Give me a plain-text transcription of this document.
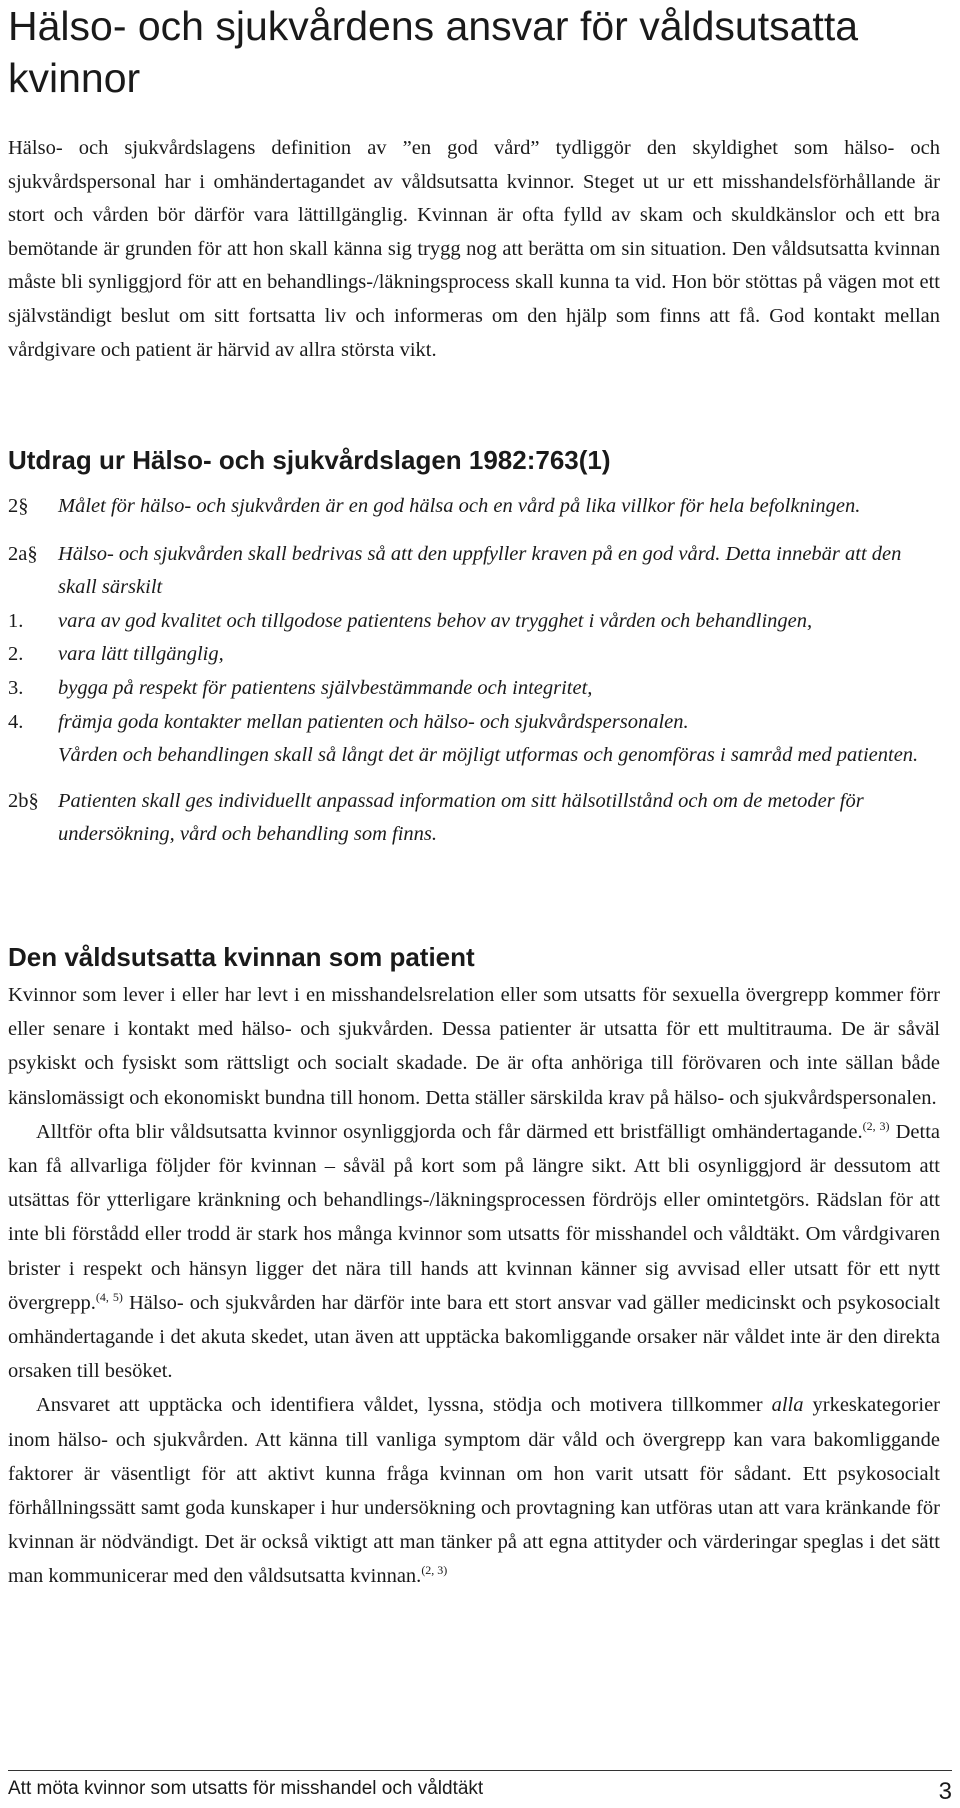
Hälso- och sjukvårdens ansvar för våldsutsatta kvinnor

Hälso- och sjukvårdslagens definition av ”en god vård” tydliggör den skyldighet som hälso- och sjukvårdspersonal har i omhändertagandet av våldsutsatta kvinnor. Steget ut ur ett misshandelsförhållande är stort och vården bör därför vara lättillgänglig. Kvinnan är ofta fylld av skam och skuldkänslor och ett bra bemötande är grunden för att hon skall känna sig trygg nog att berätta om sin situation. Den våldsutsatta kvinnan måste bli synliggjord för att en behandlings-/läkningsprocess skall kunna ta vid. Hon bör stöttas på vägen mot ett självständigt beslut om sitt fortsatta liv och informeras om den hjälp som finns att få. God kontakt mellan vårdgivare och patient är härvid av allra största vikt.

Utdrag ur Hälso- och sjukvårdslagen 1982:763(1)
2§	Målet för hälso- och sjukvården är en god hälsa och en vård på lika villkor för hela befolkningen.
2a§ Hälso- och sjukvården skall bedrivas så att den uppfyller kraven på en god vård. Detta innebär att den skall särskilt
1.	vara av god kvalitet och tillgodose patientens behov av trygghet i vården och behandlingen,
2.	vara lätt tillgänglig,
3.	bygga på respekt för patientens självbestämmande och integritet,
4.	främja goda kontakter mellan patienten och hälso- och sjukvårdspersonalen.
Vården och behandlingen skall så långt det är möjligt utformas och genomföras i samråd med patienten.
2b§ Patienten skall ges individuellt anpassad information om sitt hälsotillstånd och om de metoder för undersökning, vård och behandling som finns.
Den våldsutsatta kvinnan som patient

Kvinnor som lever i eller har levt i en misshandelsrelation eller som utsatts för sexuella övergrepp kommer förr eller senare i kontakt med hälso- och sjukvården. Dessa patienter är utsatta för ett multitrauma. De är såväl psykiskt och fysiskt som rättsligt och socialt skadade. De är ofta anhöriga till förövaren och inte sällan både känslomässigt och ekonomiskt bundna till honom. Detta ställer särskilda krav på hälso- och sjukvårdspersonalen.

Alltför ofta blir våldsutsatta kvinnor osynliggjorda och får därmed ett bristfälligt omhändertagande.$^{(2, 3)}$ Detta kan få allvarliga följder för kvinnan – såväl på kort som på längre sikt. Att bli osynliggjord är dessutom att utsättas för ytterligare kränkning och behandlings-/läkningsprocessen fördröjs eller omintetgörs. Rädslan för att inte bli förstådd eller trodd är stark hos många kvinnor som utsatts för misshandel och våldtäkt. Om vårdgivaren brister i respekt och hänsyn ligger det nära till hands att kvinnan känner sig avvisad eller utsatt för ett nytt övergrepp.$^{(4, 5)}$ Hälso- och sjukvården har därför inte bara ett stort ansvar vad gäller medicinskt och psykosocialt omhändertagande i det akuta skedet, utan även att upptäcka bakomliggande orsaker när våldet inte är den direkta orsaken till besöket.

Ansvaret att upptäcka och identifiera våldet, lyssna, stödja och motivera tillkommer alla yrkeskategorier inom hälso- och sjukvården. Att känna till vanliga symptom där våld och övergrepp kan vara bakomliggande faktorer är väsentligt för att aktivt kunna fråga kvinnan om hon varit utsatt för sådant. Ett psykosocialt förhållningssätt samt goda kunskaper i hur undersökning och provtagning kan utföras utan att vara kränkande för kvinnan är nödvändigt. Det är också viktigt att man tänker på att egna attityder och värderingar speglas i det sätt man kommunicerar med den våldsutsatta kvinnan.$^{(2, 3)}$

Att möta kvinnor som utsatts för misshandel och våldtäkt	3
